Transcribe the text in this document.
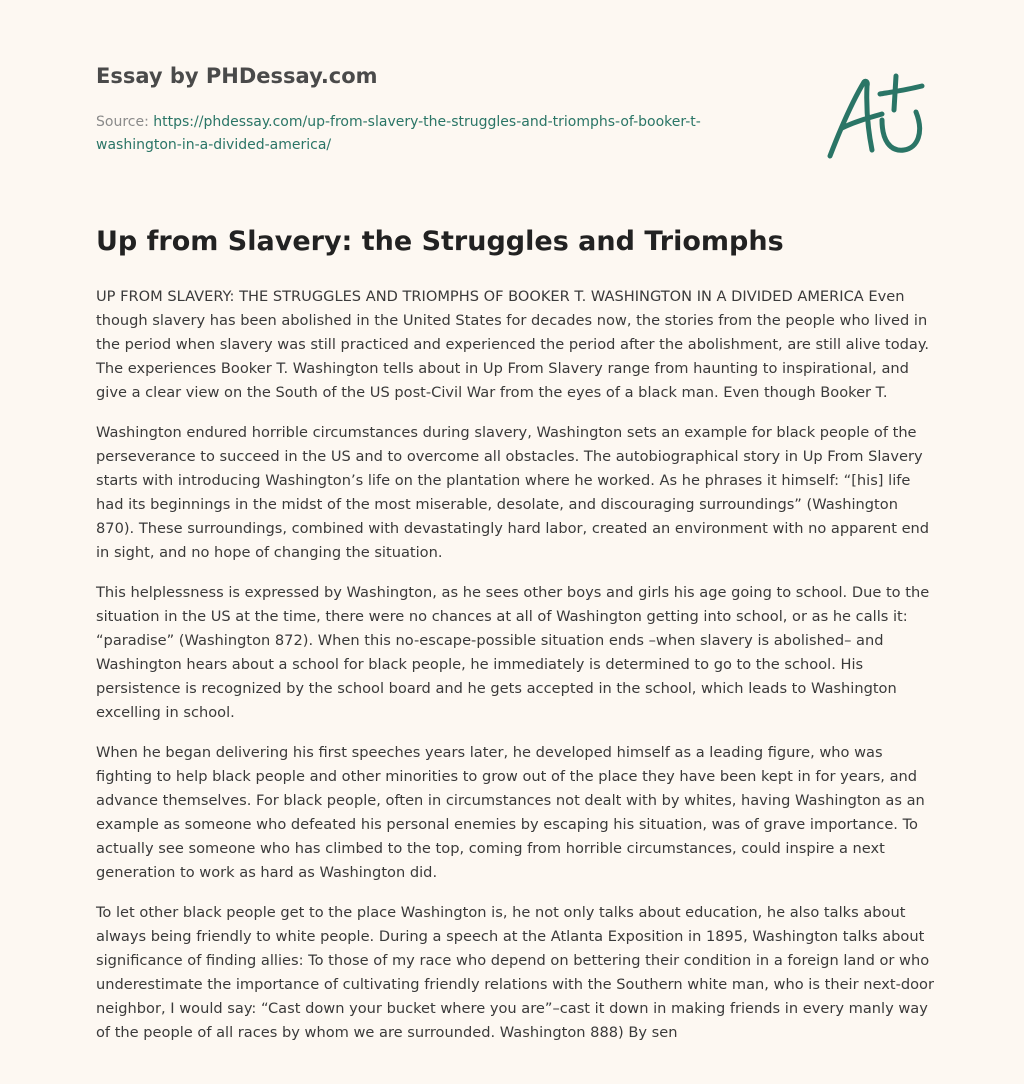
Essay by PHDessay.com
Source: https://phdessay.com/up-from-slavery-the-struggles-and-triomphs-of-booker-t-
washington-in-a-divided-america/
Up from Slavery: the Struggles and Triomphs

UP FROM SLAVERY: THE STRUGGLES AND TRIOMPHS OF BOOKER T. WASHINGTON IN A DIVIDED AMERICA Even though slavery has been abolished in the United States for decades now, the stories from the people who lived in the period when slavery was still practiced and experienced the period after the abolishment, are still alive today. The experiences Booker T. Washington tells about in Up From Slavery range from haunting to inspirational, and give a clear view on the South of the US post-Civil War from the eyes of a black man. Even though Booker T.

Washington endured horrible circumstances during slavery, Washington sets an example for black people of the perseverance to succeed in the US and to overcome all obstacles. The autobiographical story in Up From Slavery starts with introducing Washington’s life on the plantation where he worked. As he phrases it himself: “[his] life had its beginnings in the midst of the most miserable, desolate, and discouraging surroundings” (Washington 870). These surroundings, combined with devastatingly hard labor, created an environment with no apparent end in sight, and no hope of changing the situation.

This helplessness is expressed by Washington, as he sees other boys and girls his age going to school. Due to the situation in the US at the time, there were no chances at all of Washington getting into school, or as he calls it: “paradise” (Washington 872). When this no-escape-possible situation ends –when slavery is abolished– and Washington hears about a school for black people, he immediately is determined to go to the school. His persistence is recognized by the school board and he gets accepted in the school, which leads to Washington excelling in school.

When he began delivering his first speeches years later, he developed himself as a leading figure, who was fighting to help black people and other minorities to grow out of the place they have been kept in for years, and advance themselves. For black people, often in circumstances not dealt with by whites, having Washington as an example as someone who defeated his personal enemies by escaping his situation, was of grave importance. To actually see someone who has climbed to the top, coming from horrible circumstances, could inspire a next generation to work as hard as Washington did.

To let other black people get to the place Washington is, he not only talks about education, he also talks about always being friendly to white people. During a speech at the Atlanta Exposition in 1895, Washington talks about significance of finding allies: To those of my race who depend on bettering their condition in a foreign land or who underestimate the importance of cultivating friendly relations with the Southern white man, who is their next-door neighbor, I would say: “Cast down your bucket where you are”–cast it down in making friends in every manly way of the people of all races by whom we are surrounded. Washington 888) By sen
